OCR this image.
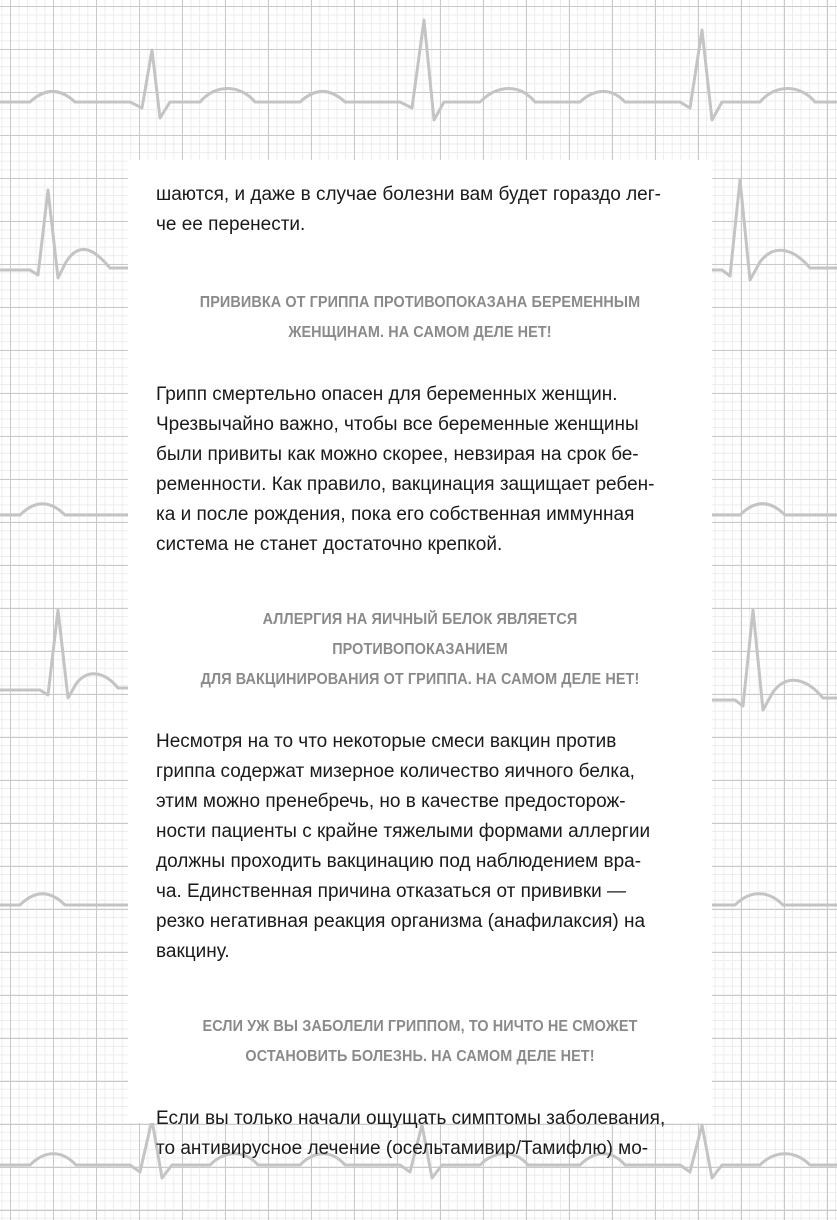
шаются, и даже в случае болезни вам будет гораздо лег-
че ее перенести.

ПРИВИВКА ОТ ГРИППА ПРОТИВОПОКАЗАНА БЕРЕМЕННЫМ
ЖЕНЩИНАМ. НА САМОМ ДЕЛЕ НЕТ!

Грипп смертельно опасен для беременных женщин.
Чрезвычайно важно, чтобы все беременные женщины
были привиты как можно скорее, невзирая на срок бе-
ременности. Как правило, вакцинация защищает ребен-
ка и после рождения, пока его собственная иммунная
система не станет достаточно крепкой.

АЛЛЕРГИЯ НА ЯИЧНЫЙ БЕЛОК ЯВЛЯЕТСЯ ПРОТИВОПОКАЗАНИЕМ
ДЛЯ ВАКЦИНИРОВАНИЯ ОТ ГРИППА. НА САМОМ ДЕЛЕ НЕТ!

Несмотря на то что некоторые смеси вакцин против
гриппа содержат мизерное количество яичного белка,
этим можно пренебречь, но в качестве предосторож-
ности пациенты с крайне тяжелыми формами аллергии
должны проходить вакцинацию под наблюдением вра-
ча. Единственная причина отказаться от прививки —
резко негативная реакция организма (анафилаксия) на
вакцину.

ЕСЛИ УЖ ВЫ ЗАБОЛЕЛИ ГРИППОМ, ТО НИЧТО НЕ СМОЖЕТ
ОСТАНОВИТЬ БОЛЕЗНЬ. НА САМОМ ДЕЛЕ НЕТ!

Если вы только начали ощущать симптомы заболевания,
то антивирусное лечение (осельтамивир/Тамифлю) мо-
